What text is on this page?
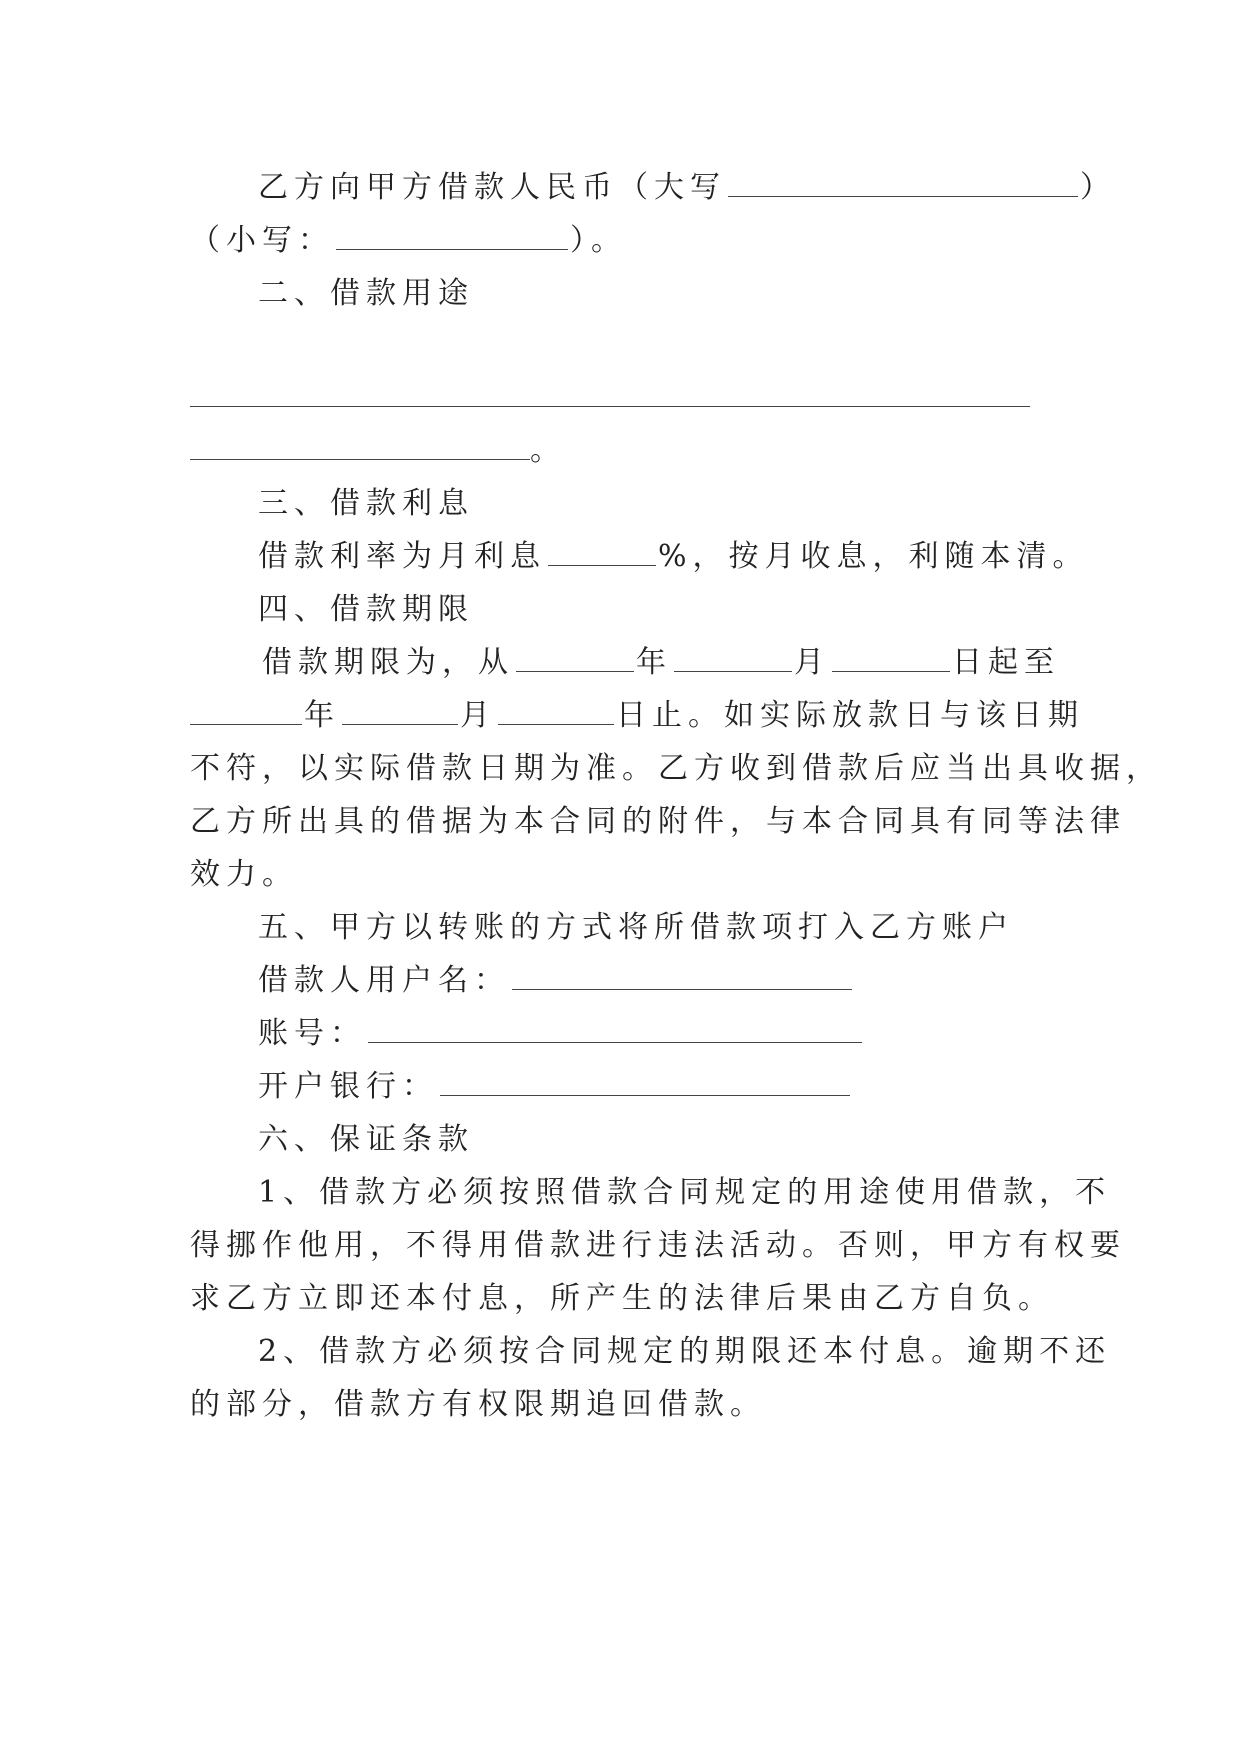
乙方向甲方借款人民币（大写	）
（小写：	）。
二、借款用途
。
三、借款利息
借款利率为月利息	%，按月收息，利随本清。
四、借款期限
借款期限为，从	年	月	日起至
年	月	日止。如实际放款日与该日期
不符，以实际借款日期为准。乙方收到借款后应当出具收据，
乙方所出具的借据为本合同的附件，与本合同具有同等法律
效力。
五、甲方以转账的方式将所借款项打入乙方账户
借款人用户名：
账号：
开户银行：
六、保证条款
1、借款方必须按照借款合同规定的用途使用借款，不
得挪作他用，不得用借款进行违法活动。否则，甲方有权要
求乙方立即还本付息，所产生的法律后果由乙方自负。
2、借款方必须按合同规定的期限还本付息。逾期不还
的部分，借款方有权限期追回借款。
